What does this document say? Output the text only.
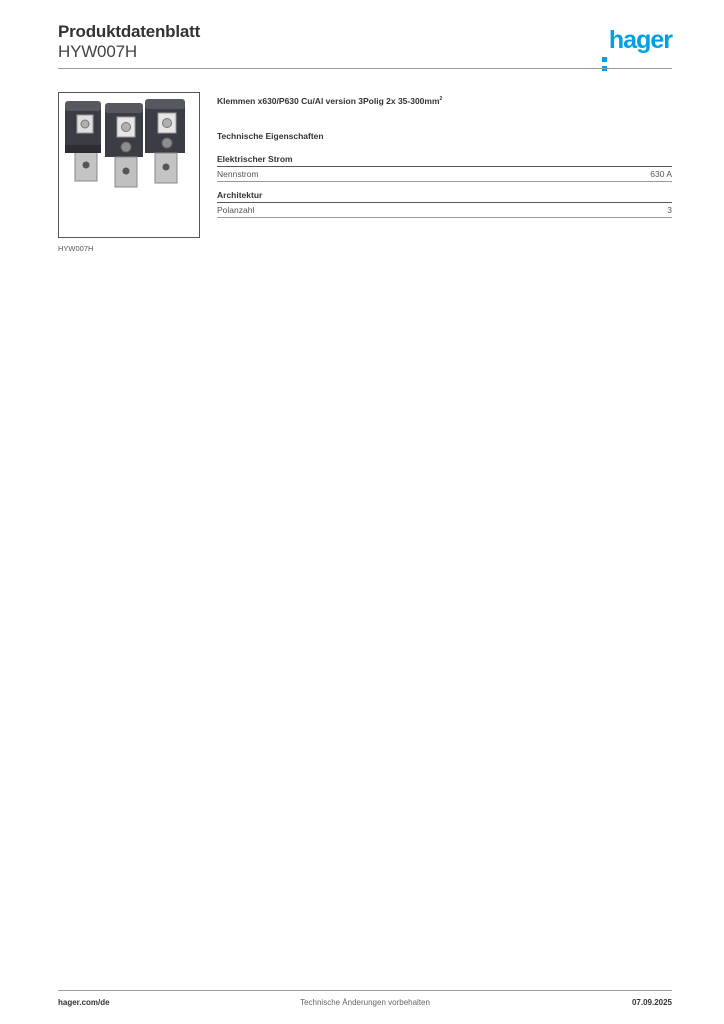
Produktdatenblatt
HYW007H	hager
HYW007H
Klemmen x630/P630 Cu/Al version 3Polig 2x $35-300mm^2$
Technische Eigenschaften
Elektrischer Strom
Nennstrom	630 A
Architektur
Polanzahl	3
hager.com/de	Technische Änderungen vorbehalten	07.09.2025
